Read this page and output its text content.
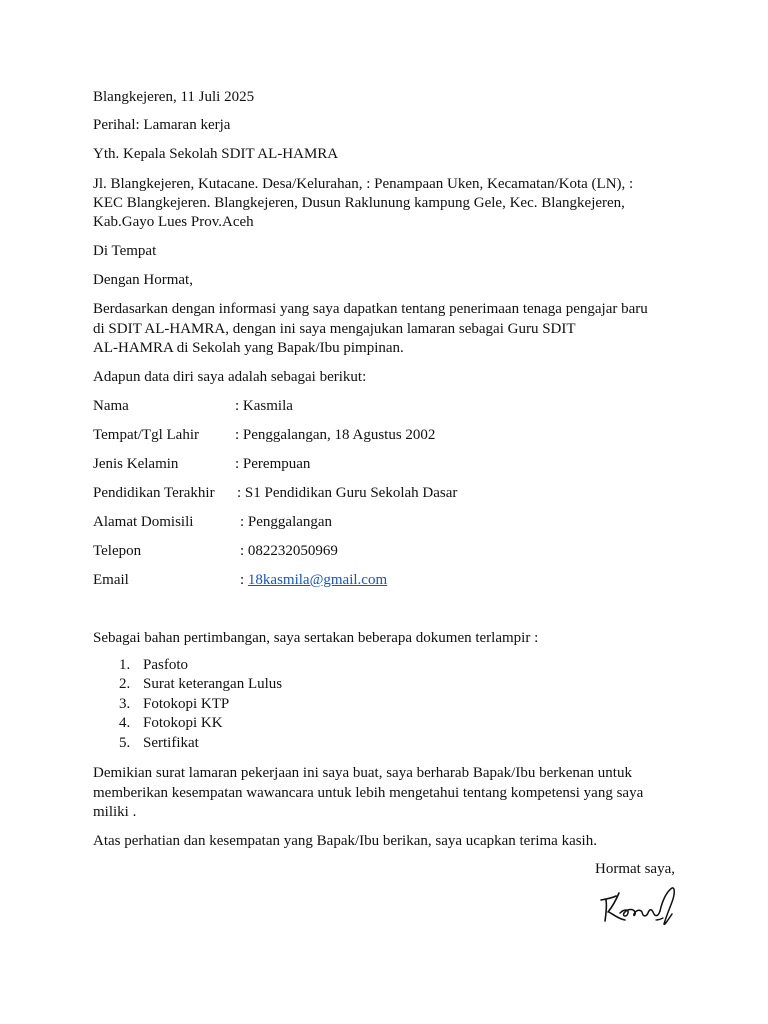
Blangkejeren, 11 Juli 2025
Perihal: Lamaran kerja
Yth. Kepala Sekolah SDIT AL-HAMRA
Jl. Blangkejeren, Kutacane. Desa/Kelurahan, : Penampaan Uken, Kecamatan/Kota (LN), :
KEC Blangkejeren. Blangkejeren, Dusun Raklunung kampung Gele, Kec. Blangkejeren,
Kab.Gayo Lues Prov.Aceh
Di Tempat
Dengan Hormat,
Berdasarkan dengan informasi yang saya dapatkan tentang penerimaan tenaga pengajar baru
di SDIT AL-HAMRA, dengan ini saya mengajukan lamaran sebagai Guru SDIT
AL-HAMRA di Sekolah yang Bapak/Ibu pimpinan.
Adapun data diri saya adalah sebagai berikut:
Nama	: Kasmila
Tempat/Tgl Lahir : Penggalangan, 18 Agustus 2002
Jenis Kelamin	: Perempuan
Pendidikan Terakhir : S1 Pendidikan Guru Sekolah Dasar
Alamat Domisili	: Penggalangan
Telepon	: 082232050969
Email	: 18kasmila@gmail.com
Sebagai bahan pertimbangan, saya sertakan beberapa dokumen terlampir :
1. Pasfoto
2. Surat keterangan Lulus
3. Fotokopi KTP
4. Fotokopi KK
5. Sertifikat
Demikian surat lamaran pekerjaan ini saya buat, saya berharab Bapak/Ibu berkenan untuk
memberikan kesempatan wawancara untuk lebih mengetahui tentang kompetensi yang saya
miliki .
Atas perhatian dan kesempatan yang Bapak/Ibu berikan, saya ucapkan terima kasih.
Hormat saya,
